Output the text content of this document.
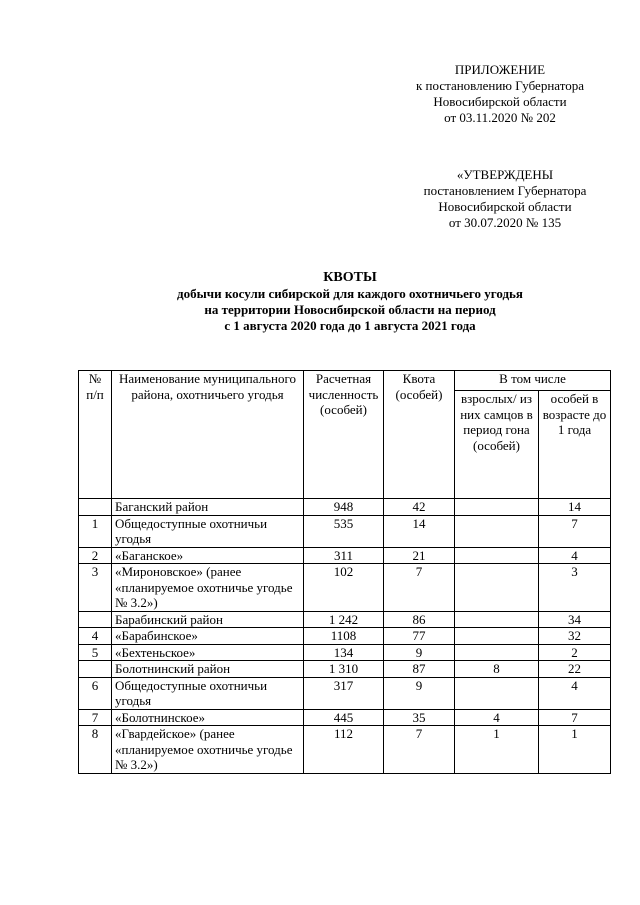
ПРИЛОЖЕНИЕ
к постановлению Губернатора
Новосибирской области
от 03.11.2020 № 202
«УТВЕРЖДЕНЫ
постановлением Губернатора
Новосибирской области
от 30.07.2020 № 135
КВОТЫ
добычи косули сибирской для каждого охотничьего угодья
на территории Новосибирской области на период
с 1 августа 2020 года до 1 августа 2021 года
№ п/п	Наименование муниципального района, охотничьего угодья	Расчетная численность (особей)	Квота (особей)	В том числе	
				взрослых/ из них самцов в период гона (особей)	особей в возрасте до 1 года
	Баганский район	948	42		14
1	Общедоступные охотничьи угодья	535	14		7
2	«Баганское»	311	21		4
3	«Мироновское» (ранее «планируемое охотничье угодье № 3.2»)	102	7		3
	Барабинский район	1 242	86		34
4	«Барабинское»	1108	77		32
5	«Бехтеньское»	134	9		2
	Болотнинский район	1 310	87	8	22
6	Общедоступные охотничьи угодья	317	9		4
7	«Болотнинское»	445	35	4	7
8	«Гвардейское» (ранее «планируемое охотничье угодье № 3.2»)	112	7	1	1
